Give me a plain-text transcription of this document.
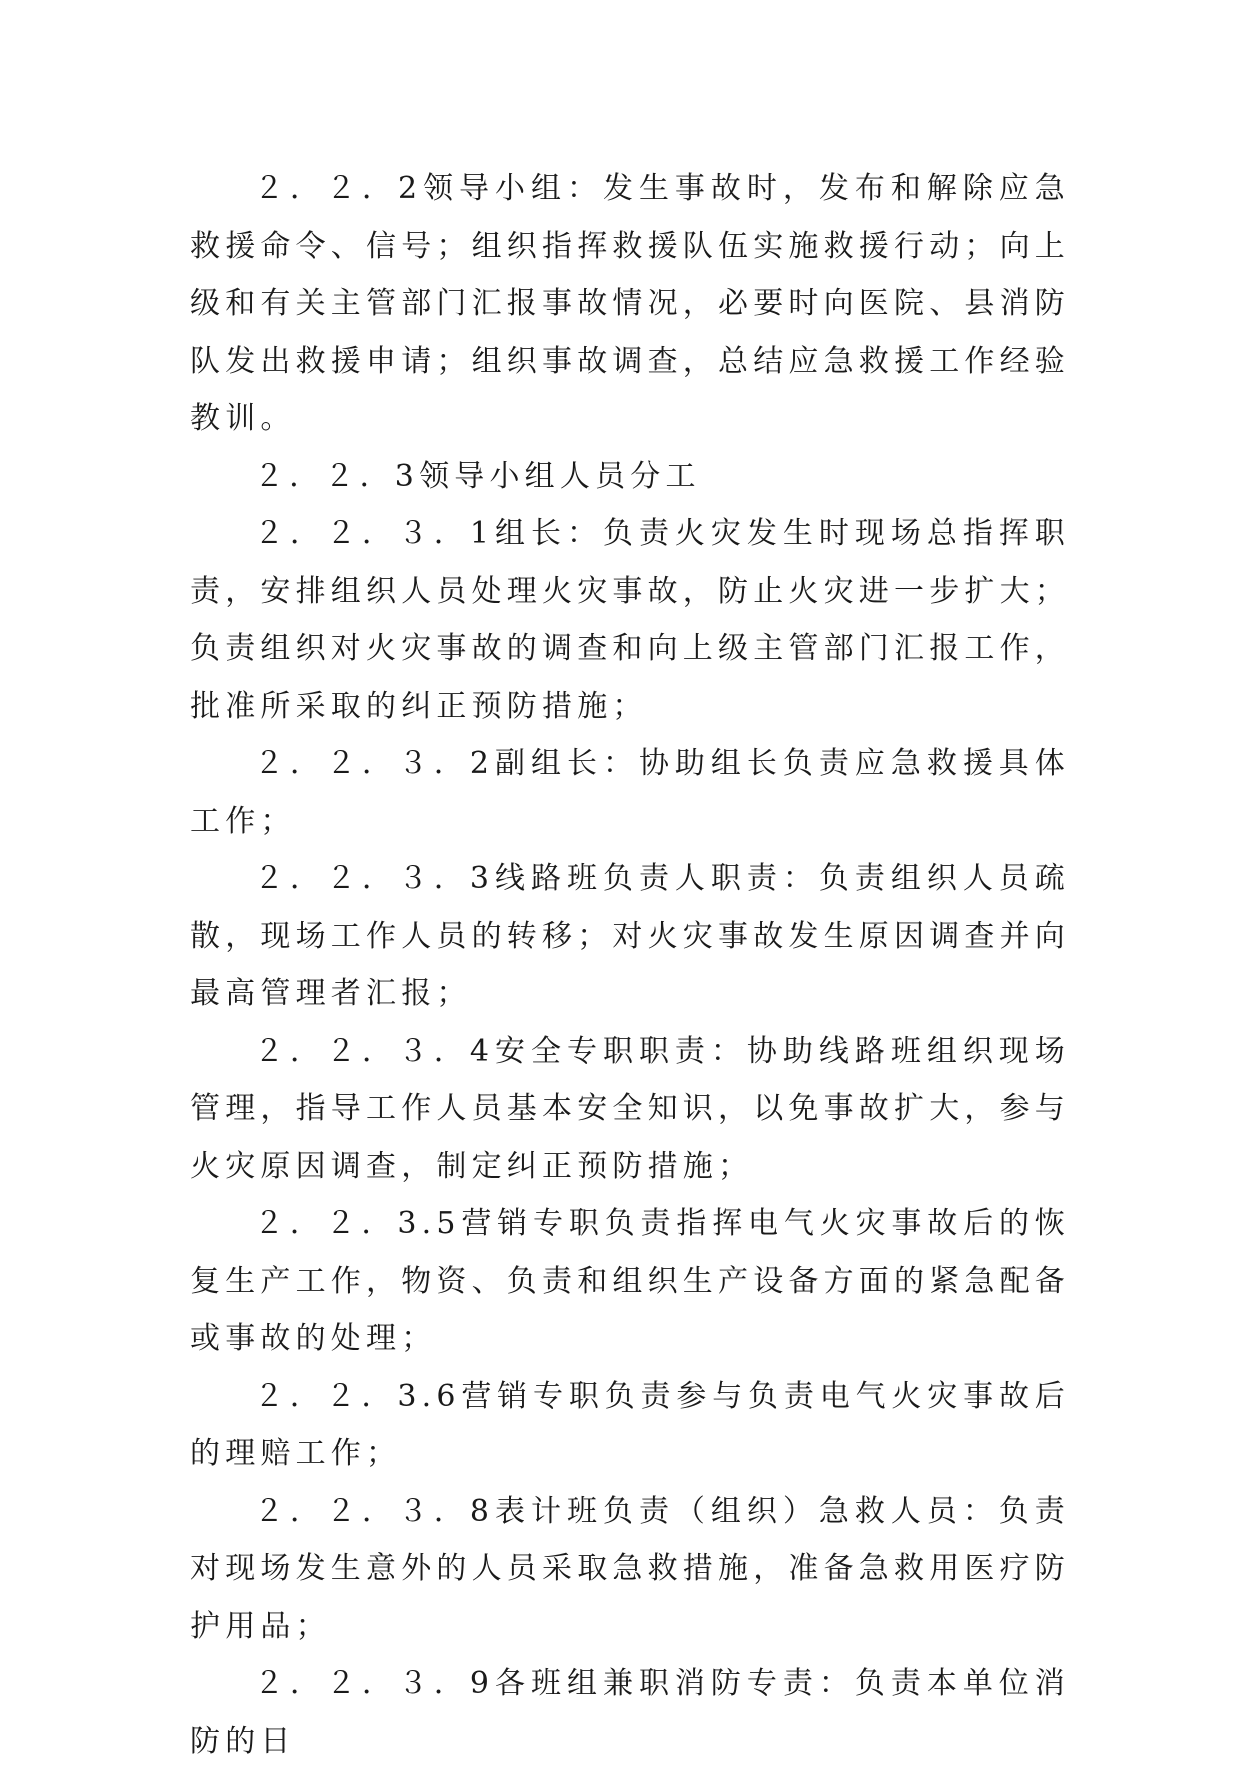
２．２．2领导小组：发生事故时，发布和解除应急救援命令、信号；组织指挥救援队伍实施救援行动；向上级和有关主管部门汇报事故情况，必要时向医院、县消防队发出救援申请；组织事故调查，总结应急救援工作经验教训。

２．２．3领导小组人员分工

２．２．３．1组长：负责火灾发生时现场总指挥职责，安排组织人员处理火灾事故，防止火灾进一步扩大；负责组织对火灾事故的调查和向上级主管部门汇报工作，批准所采取的纠正预防措施；

２．２．３．2副组长：协助组长负责应急救援具体工作；

２．２．３．3线路班负责人职责：负责组织人员疏散，现场工作人员的转移；对火灾事故发生原因调查并向最高管理者汇报；

２．２．３．4安全专职职责：协助线路班组织现场管理，指导工作人员基本安全知识，以免事故扩大，参与火灾原因调查，制定纠正预防措施；

２．２．3.5营销专职负责指挥电气火灾事故后的恢复生产工作，物资、负责和组织生产设备方面的紧急配备或事故的处理；

２．２．3.6营销专职负责参与负责电气火灾事故后的理赔工作；

２．２．３．8表计班负责（组织）急救人员：负责对现场发生意外的人员采取急救措施，准备急救用医疗防护用品；

２．２．３．9各班组兼职消防专责：负责本单位消防的日
